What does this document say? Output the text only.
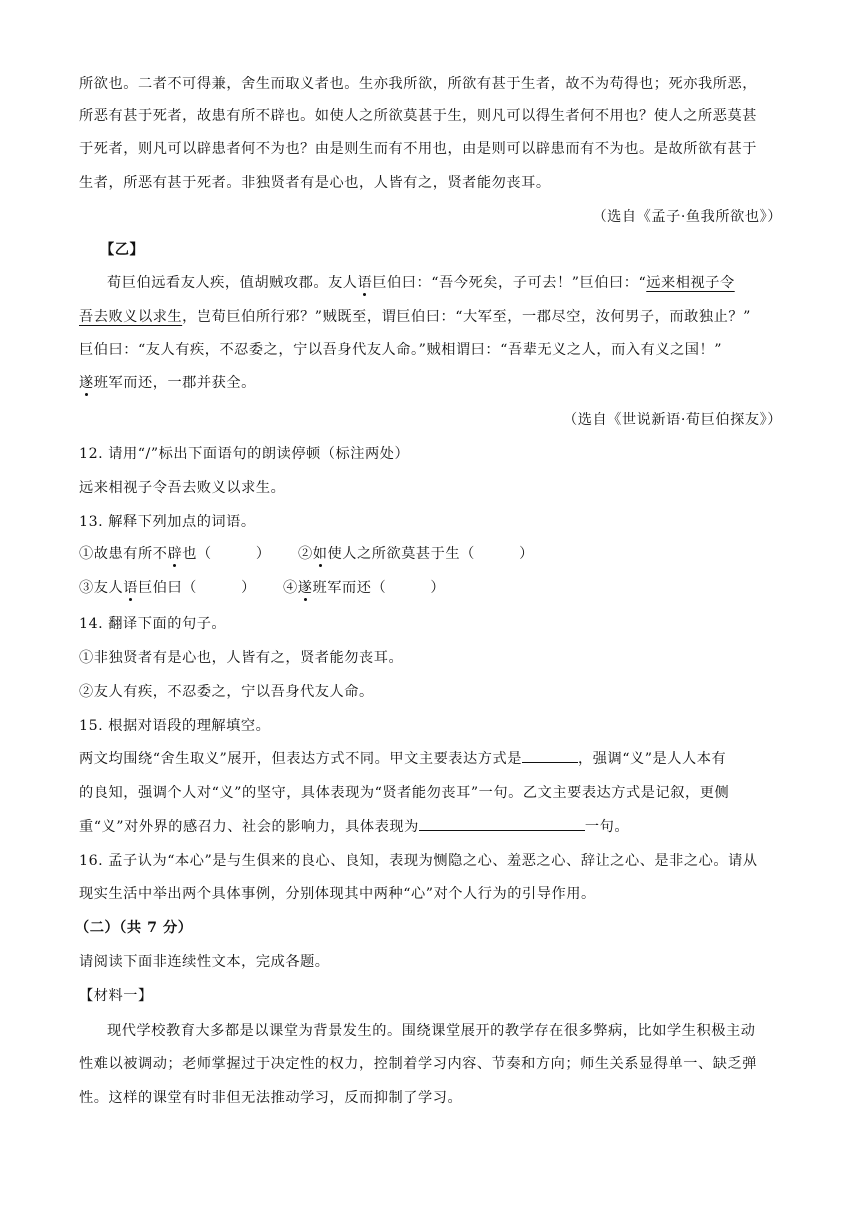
所欲也。二者不可得兼，舍生而取义者也。生亦我所欲，所欲有甚于生者，故不为苟得也；死亦我所恶，
所恶有甚于死者，故患有所不辟也。如使人之所欲莫甚于生，则凡可以得生者何不用也？使人之所恶莫甚
于死者，则凡可以辟患者何不为也？由是则生而有不用也，由是则可以辟患而有不为也。是故所欲有甚于
生者，所恶有甚于死者。非独贤者有是心也，人皆有之，贤者能勿丧耳。
（选自《孟子·鱼我所欲也》）
【乙】
荀巨伯远看友人疾，值胡贼攻郡。友人语巨伯曰：“吾今死矣，子可去！”巨伯曰：“远来相视子令
吾去败义以求生，岂荀巨伯所行邪？”贼既至，谓巨伯曰：“大军至，一郡尽空，汝何男子，而敢独止？”
巨伯曰：“友人有疾，不忍委之，宁以吾身代友人命。”贼相谓曰：“吾辈无义之人，而入有义之国！”
遂班军而还，一郡并获全。
（选自《世说新语·荀巨伯探友》）
12. 请用“/”标出下面语句的朗读停顿（标注两处）
远来相视子令吾去败义以求生。
13. 解释下列加点的词语。
①故患有所不辟也（　　　） ②如使人之所欲莫甚于生（　　　）
③友人语巨伯曰（　　　） ④遂班军而还（　　　）
14. 翻译下面的句子。
①非独贤者有是心也，人皆有之，贤者能勿丧耳。
②友人有疾，不忍委之，宁以吾身代友人命。
15. 根据对语段的理解填空。
两文均围绕“舍生取义”展开，但表达方式不同。甲文主要表达方式是	，强调“义”是人人本有
的良知，强调个人对“义”的坚守，具体表现为“贤者能勿丧耳”一句。乙文主要表达方式是记叙，更侧
重“义”对外界的感召力、社会的影响力，具体表现为	一句。
16. 孟子认为“本心”是与生俱来的良心、良知，表现为恻隐之心、羞恶之心、辞让之心、是非之心。请从
现实生活中举出两个具体事例，分别体现其中两种“心”对个人行为的引导作用。
（二）（共 7 分）
请阅读下面非连续性文本，完成各题。
【材料一】
现代学校教育大多都是以课堂为背景发生的。围绕课堂展开的教学存在很多弊病，比如学生积极主动
性难以被调动；老师掌握过于决定性的权力，控制着学习内容、节奏和方向；师生关系显得单一、缺乏弹
性。这样的课堂有时非但无法推动学习，反而抑制了学习。
